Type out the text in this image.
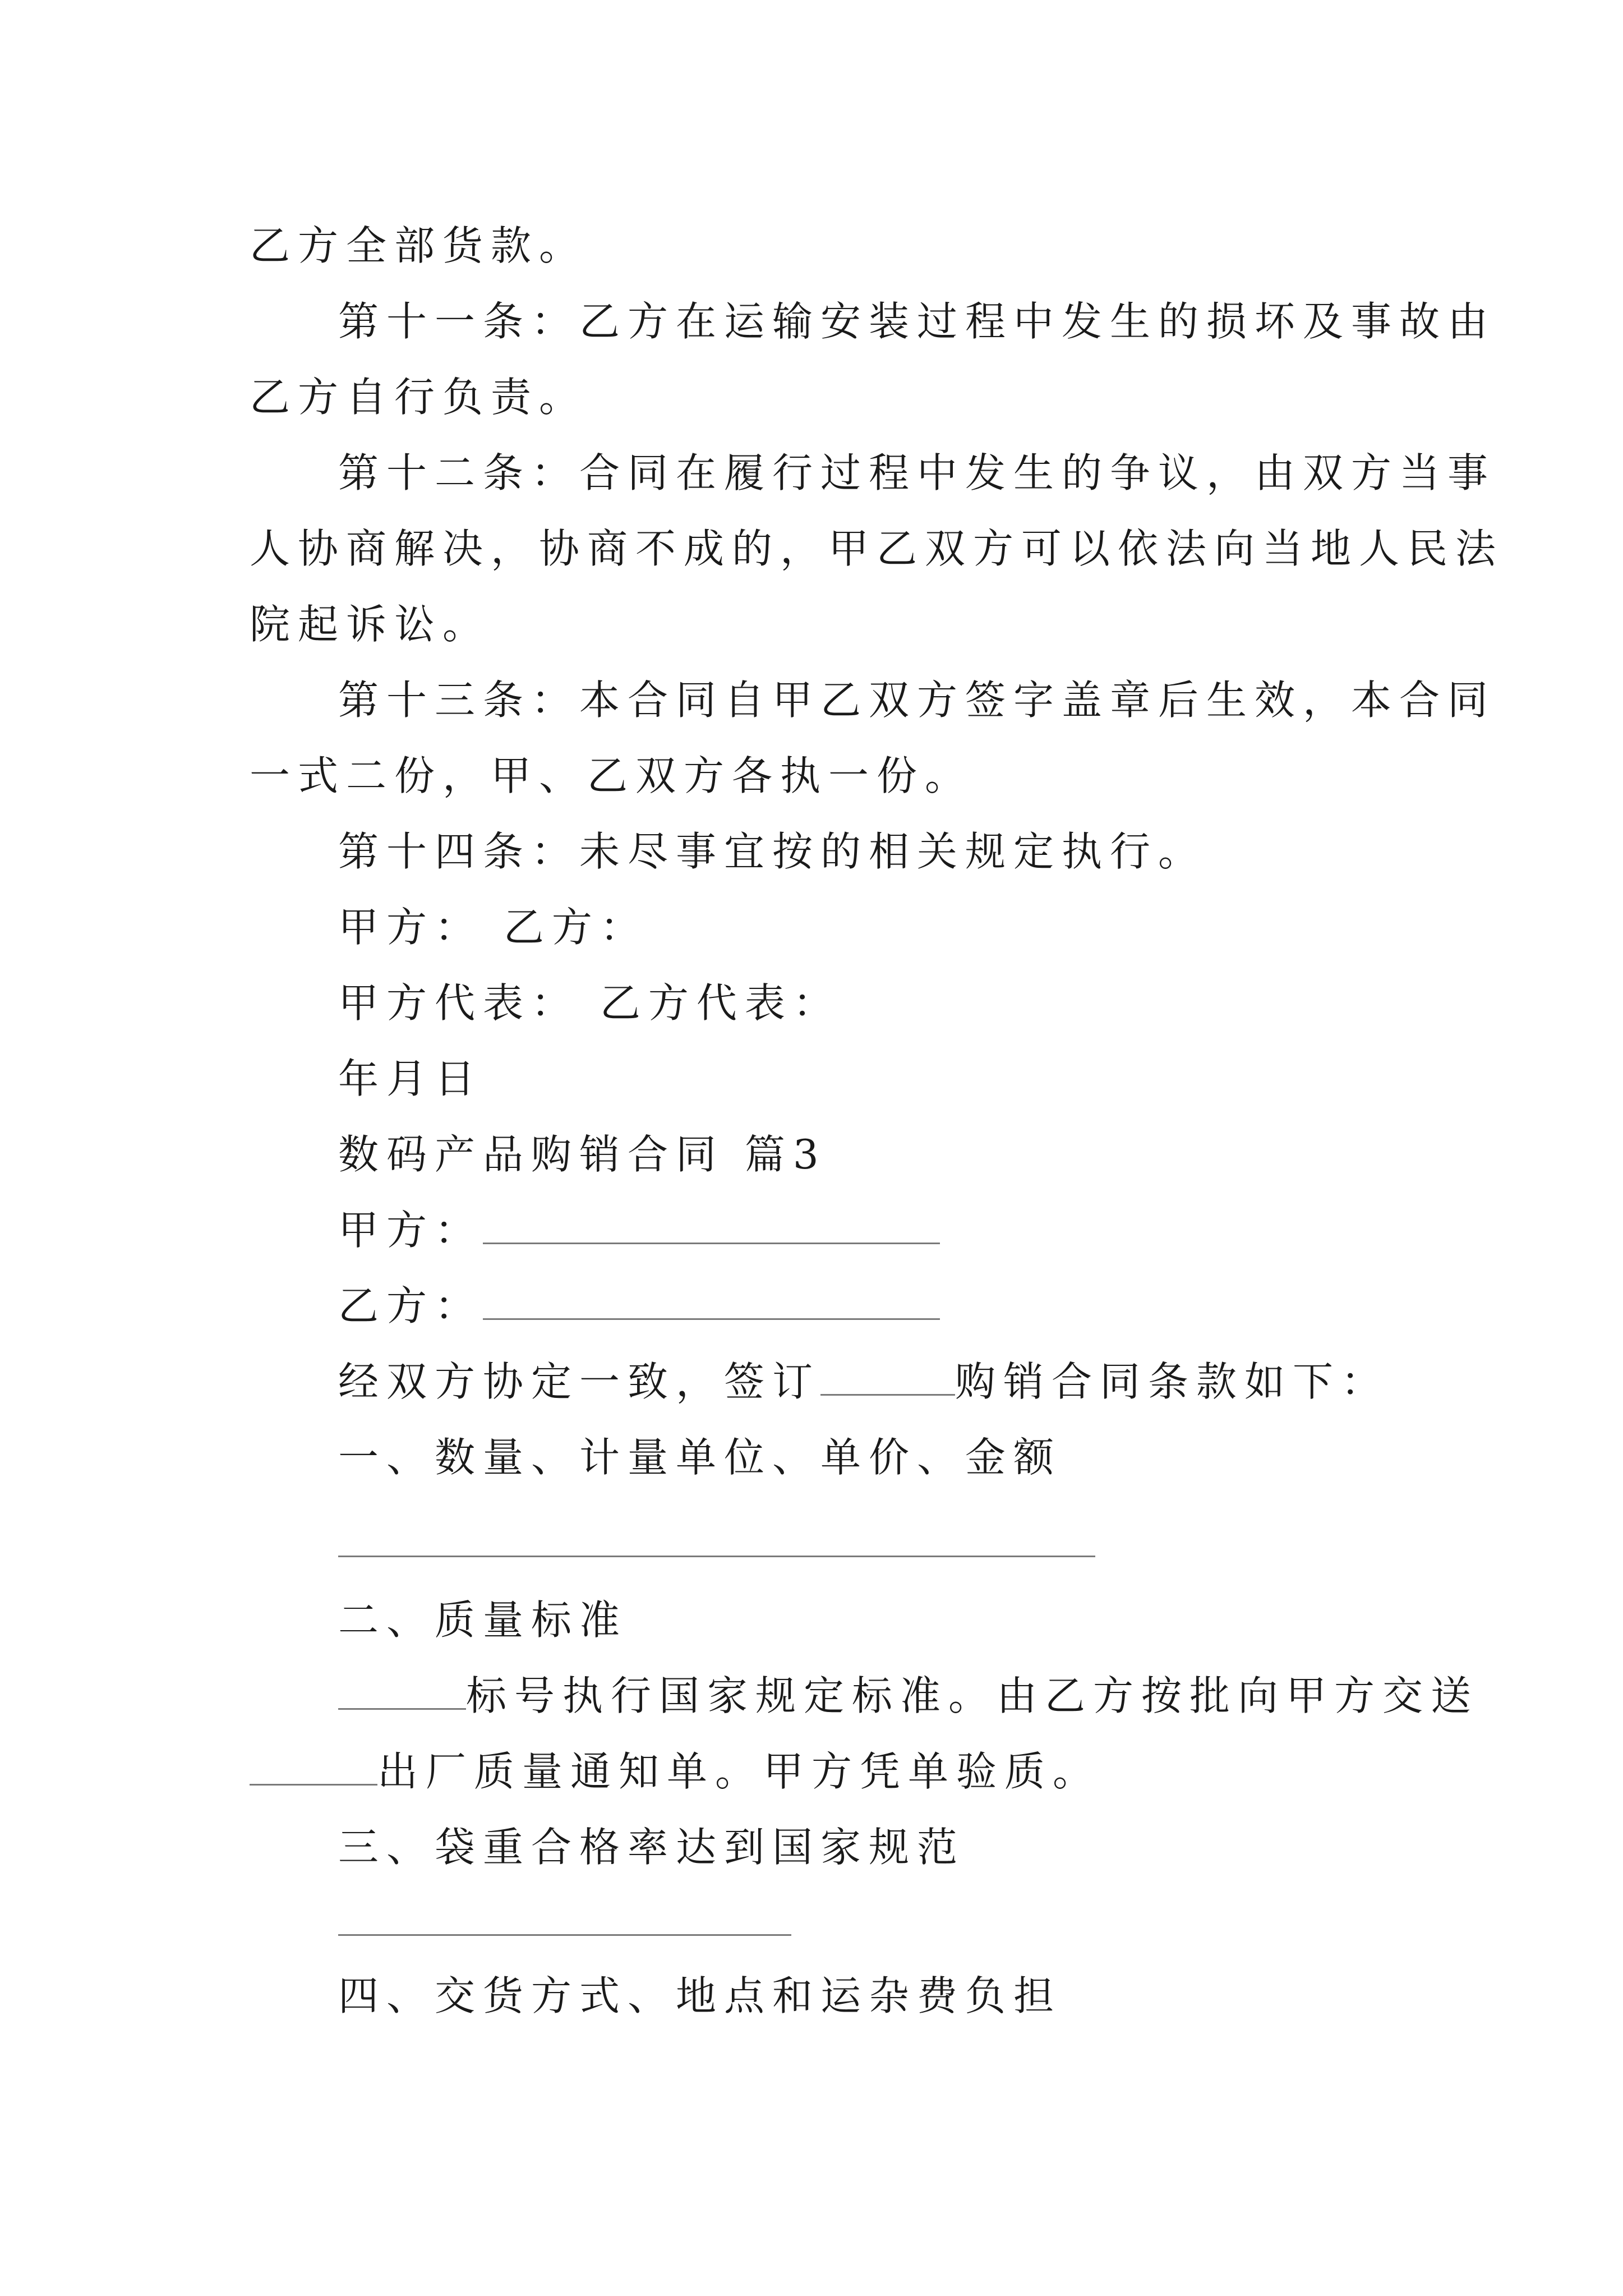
乙方全部货款。
第十一条：乙方在运输安装过程中发生的损坏及事故由
乙方自行负责。
第十二条：合同在履行过程中发生的争议，由双方当事
人协商解决，协商不成的，甲乙双方可以依法向当地人民法
院起诉讼。
第十三条：本合同自甲乙双方签字盖章后生效，本合同
一式二份，甲、乙双方各执一份。
第十四条：未尽事宜按的相关规定执行。
甲方： 乙方：
甲方代表： 乙方代表：
年月日
数码产品购销合同 篇3
甲方：
乙方：
经双方协定一致，签订	购销合同条款如下：
一、数量、计量单位、单价、金额
二、质量标准
标号执行国家规定标准。由乙方按批向甲方交送
出厂质量通知单。甲方凭单验质。
三、袋重合格率达到国家规范
四、交货方式、地点和运杂费负担
